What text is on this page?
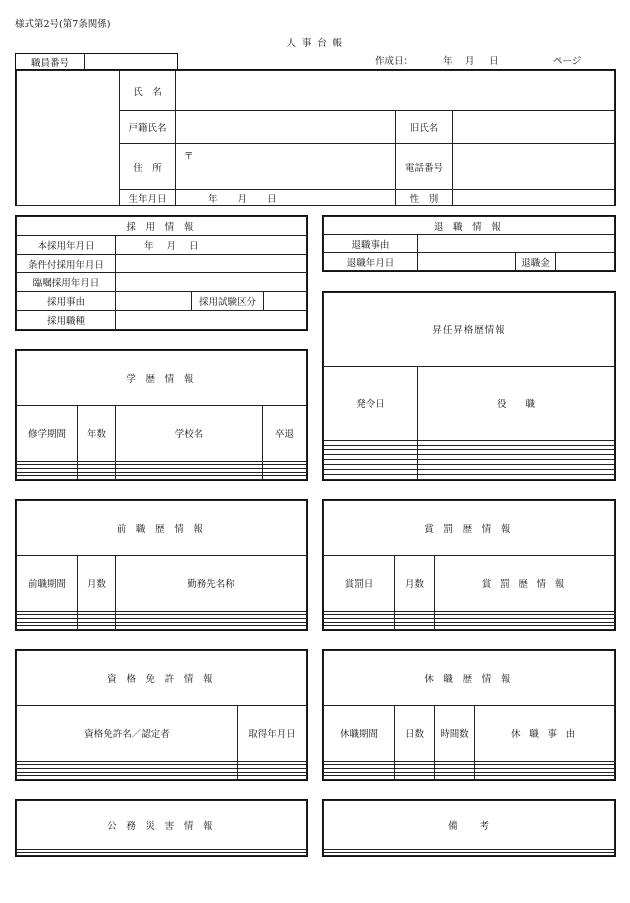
様式第2号(第7条関係)
人 事 台 帳
職員番号		作成日：	年 月 日	ページ
	氏　名			
	戸籍氏名		旧氏名	
	住　所	〒	電話番号	
	生年月日	年 月 日	性　別	
採 用 情 報			
本採用年月日	年 月 日		
条件付採用年月日			
臨嘱採用年月日			
採用事由		採用試験区分	
採用職種			
退 職 情 報			
退職事由			
退職年月日		退職金	
昇任昇格歴情報	
発令日	役　　職

学 歴 情 報			
修学期間	年数	学校名	卒退

前 職 歴 情 報		
前職期間	月数	勤務先名称

賞 罰 歴 情 報		
賞罰日	月数	賞 罰 歴 情 報

資 格 免 許 情 報	
資格免許名／認定者	取得年月日

休 職 歴 情 報			
休職期間	日数	時間数	休 職 事 由

公 務 災 害 情 報	備　　考
